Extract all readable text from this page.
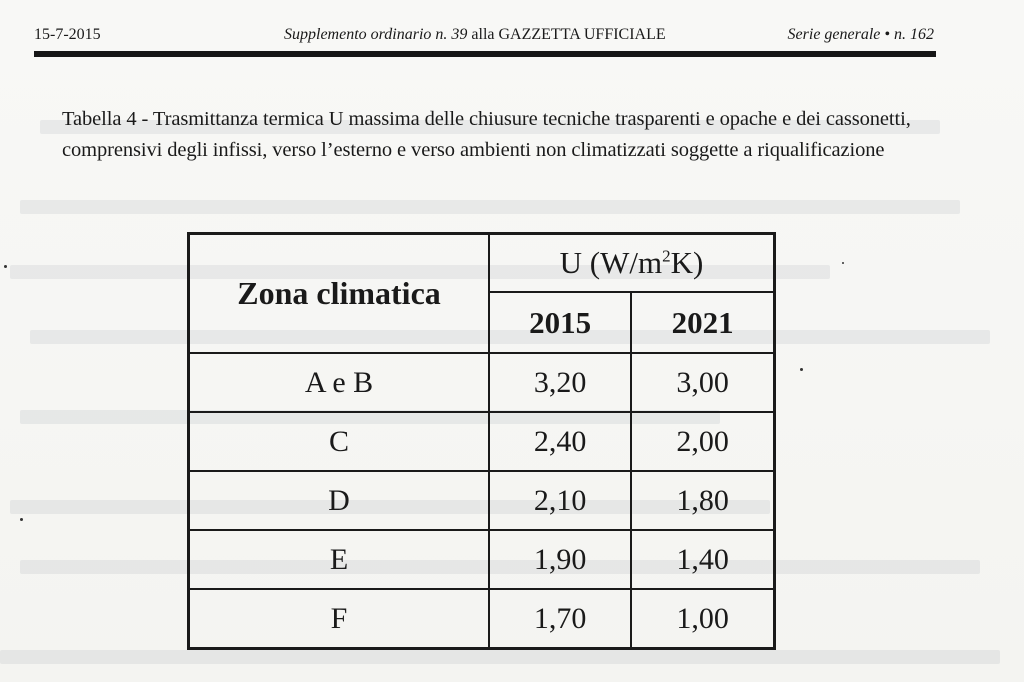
15-7-2015	Supplemento ordinario n. 39 alla GAZZETTA UFFICIALE	Serie generale • n. 162
Tabella 4 - Trasmittanza termica U massima delle chiusure tecniche trasparenti e opache e dei cassonetti, comprensivi degli infissi, verso l’esterno e verso ambienti non climatizzati soggette a riqualificazione
Zona climatica	U $(W/m^2K)$	
	2015	2021
A e B	3,20	3,00
C	2,40	2,00
D	2,10	1,80
E	1,90	1,40
F	1,70	1,00
